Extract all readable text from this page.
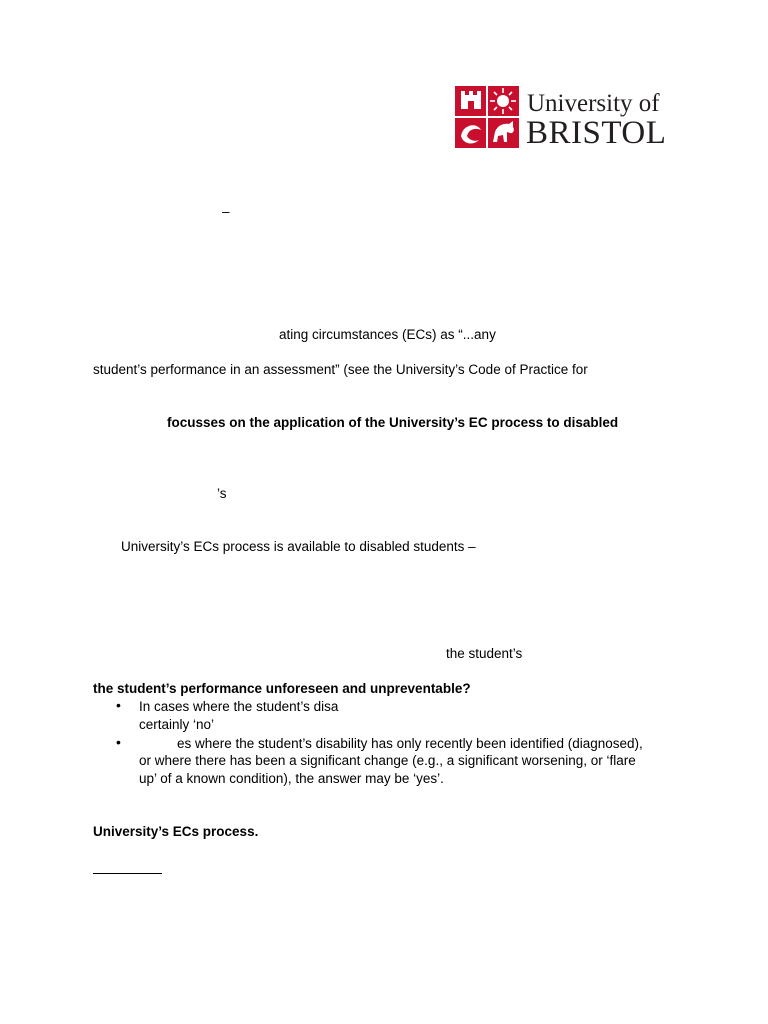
University of
BRISTOL
–
ating circumstances (ECs) as “...any
student’s performance in an assessment” (see the University’s Code of Practice for
focusses on the application of the University’s EC process to disabled
’s
University’s ECs process is available to disabled students –
the student’s
the student’s performance unforeseen and unpreventable?
• In cases where the student’s disa
certainly ‘no’
•	es where the student’s disability has only recently been identified (diagnosed),
or where there has been a significant change (e.g., a significant worsening, or ‘flare
up’ of a known condition), the answer may be ‘yes’.
University’s ECs process.
